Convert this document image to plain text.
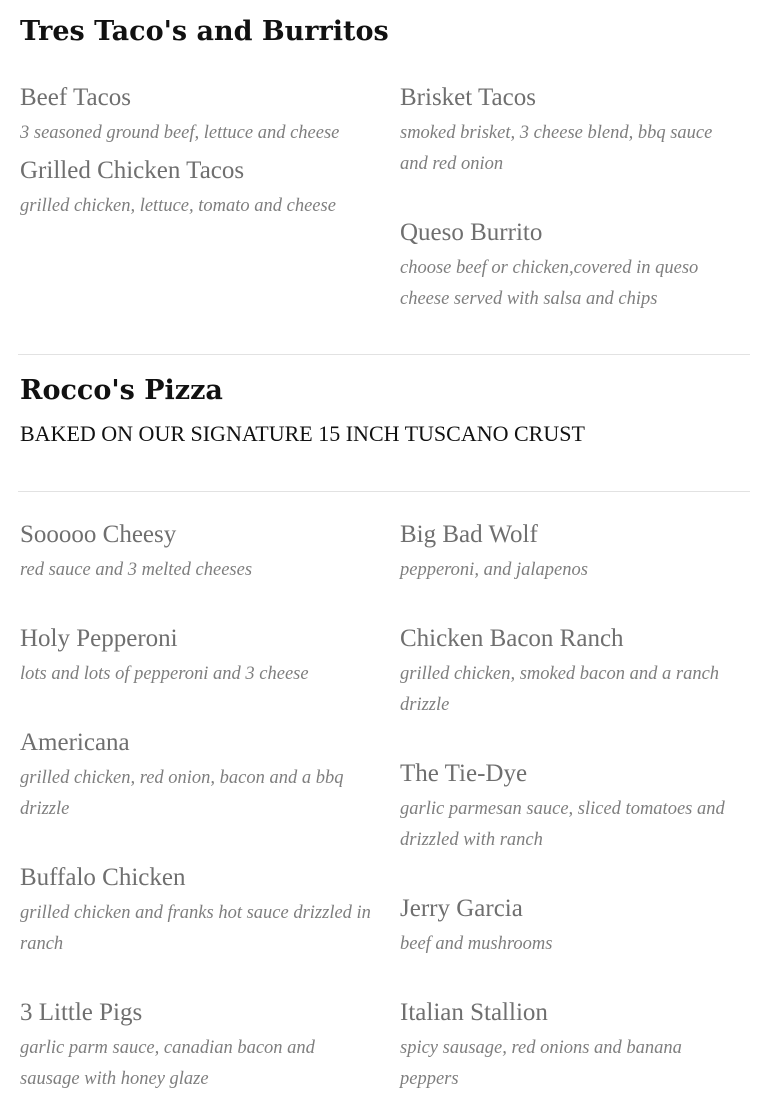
Tres Taco's and Burritos
Beef Tacos
3 seasoned ground beef, lettuce and cheese
Brisket Tacos
smoked brisket, 3 cheese blend, bbq sauce and red onion
Grilled Chicken Tacos
grilled chicken, lettuce, tomato and cheese
Queso Burrito
choose beef or chicken,covered in queso cheese served with salsa and chips
Rocco's Pizza
BAKED ON OUR SIGNATURE 15 INCH TUSCANO CRUST
Sooooo Cheesy
red sauce and 3 melted cheeses
Big Bad Wolf
pepperoni, and jalapenos
Holy Pepperoni
lots and lots of pepperoni and 3 cheese
Chicken Bacon Ranch
grilled chicken, smoked bacon and a ranch drizzle
Americana
grilled chicken, red onion, bacon and a bbq drizzle
The Tie-Dye
garlic parmesan sauce, sliced tomatoes and drizzled with ranch
Buffalo Chicken
grilled chicken and franks hot sauce drizzled in ranch
Jerry Garcia
beef and mushrooms
3 Little Pigs
garlic parm sauce, canadian bacon and sausage with honey glaze
Italian Stallion
spicy sausage, red onions and banana peppers
